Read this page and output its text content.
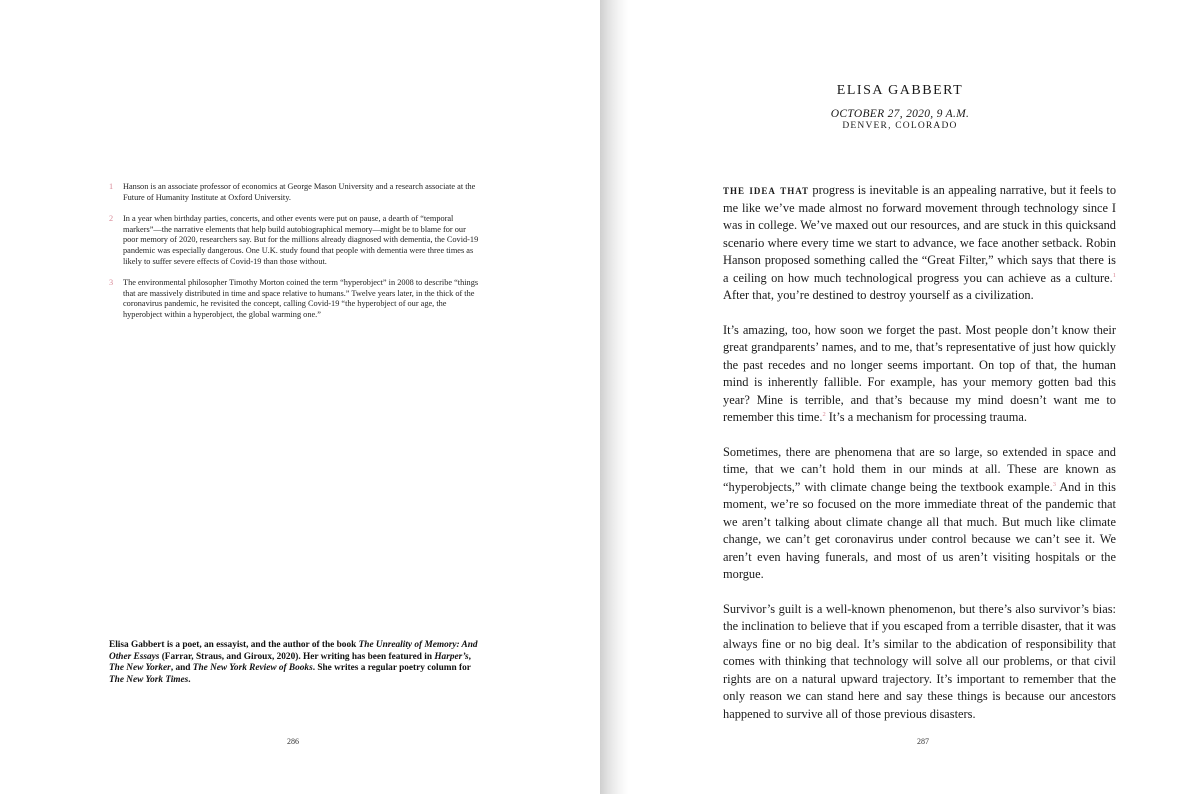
1	Hanson is an associate professor of economics at George Mason University and a research associate at the Future of Humanity Institute at Oxford University.
2	In a year when birthday parties, concerts, and other events were put on pause, a dearth of “temporal markers”—the narrative elements that help build autobiographical memory—might be to blame for our poor memory of 2020, researchers say. But for the millions already diagnosed with dementia, the Covid-19 pandemic was especially dangerous. One U.K. study found that people with dementia were three times as likely to suffer severe effects of Covid-19 than those without.
3	The environmental philosopher Timothy Morton coined the term “hyperobject” in 2008 to describe “things that are massively distributed in time and space relative to humans.” Twelve years later, in the thick of the coronavirus pandemic, he revisited the concept, calling Covid-19 “the hyperobject of our age, the hyperobject within a hyperobject, the global warming one.”
Elisa Gabbert is a poet, an essayist, and the author of the book The Unreality of Memory: And Other Essays (Farrar, Straus, and Giroux, 2020). Her writing has been featured in Harper’s, The New Yorker, and The New York Review of Books. She writes a regular poetry column for The New York Times.
286
ELISA GABBERT
OCTOBER 27, 2020, 9 A.M.
DENVER, COLORADO

the idea that progress is inevitable is an appealing narrative, but it feels to me like we’ve made almost no forward movement through technology since I was in college. We’ve maxed out our resources, and are stuck in this quicksand scenario where every time we start to advance, we face another setback. Robin Hanson proposed something called the “Great Filter,” which says that there is a ceiling on how much technological progress you can achieve as a culture.$^1$ After that, you’re destined to destroy yourself as a civilization.

It’s amazing, too, how soon we forget the past. Most people don’t know their great grandparents’ names, and to me, that’s representative of just how quickly the past recedes and no longer seems important. On top of that, the human mind is inherently fallible. For example, has your memory gotten bad this year? Mine is terrible, and that’s because my mind doesn’t want me to remember this time.$^2$ It’s a mechanism for processing trauma.

Sometimes, there are phenomena that are so large, so extended in space and time, that we can’t hold them in our minds at all. These are known as “hyperobjects,” with climate change being the textbook example.$^3$ And in this moment, we’re so focused on the more immediate threat of the pandemic that we aren’t talking about climate change all that much. But much like climate change, we can’t get coronavirus under control because we can’t see it. We aren’t even having funerals, and most of us aren’t visiting hospitals or the morgue.

Survivor’s guilt is a well-known phenomenon, but there’s also survivor’s bias: the inclination to believe that if you escaped from a terrible disaster, that it was always fine or no big deal. It’s similar to the abdication of responsibility that comes with thinking that technology will solve all our problems, or that civil rights are on a natural upward trajectory. It’s important to remember that the only reason we can stand here and say these things is because our ancestors happened to survive all of those previous disasters.

287
